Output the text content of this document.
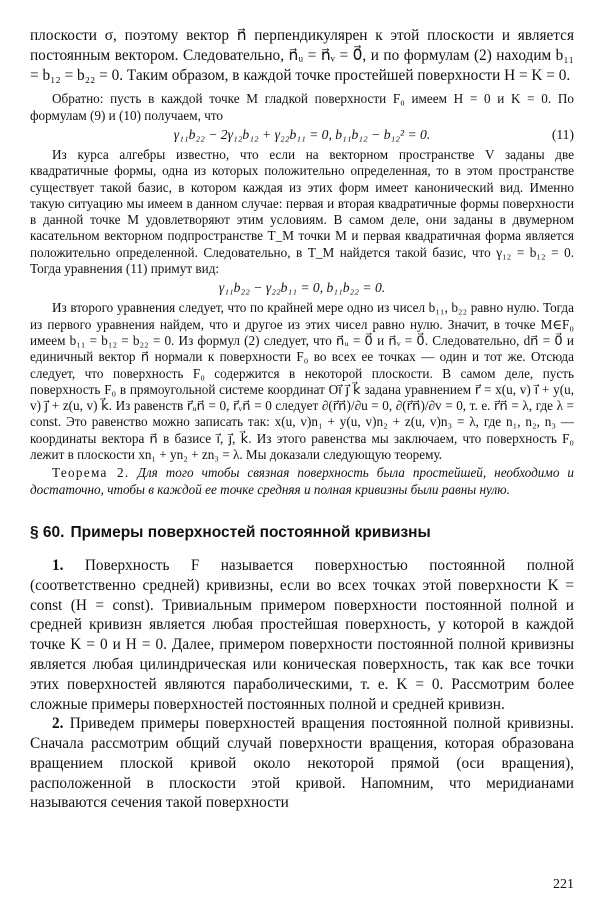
плоскости σ, поэтому вектор n⃗ перпендикулярен к этой плоскости и является постоянным вектором. Следовательно, n⃗ᵤ = n⃗ᵥ = 0⃗, и по формулам (2) находим b₁₁ = b₁₂ = b₂₂ = 0. Таким образом, в каждой точке простейшей поверхности H = K = 0.

Обратно: пусть в каждой точке M гладкой поверхности F₀ имеем H = 0 и K = 0. По формулам (9) и (10) получаем, что

γ₁₁b₂₂ − 2γ₁₂b₁₂ + γ₂₂b₁₁ = 0, b₁₁b₁₂ − b₁₂² = 0.	(11)

Из курса алгебры известно, что если на векторном пространстве V заданы две квадратичные формы, одна из которых положительно определенная, то в этом пространстве существует такой базис, в котором каждая из этих форм имеет канонический вид. Именно такую ситуацию мы имеем в данном случае: первая и вторая квадратичные формы поверхности в данной точке M удовлетворяют этим условиям. В самом деле, они заданы в двумерном касательном векторном подпространстве T_M точки M и первая квадратичная форма является положительно определенной. Следовательно, в T_M найдется такой базис, что γ₁₂ = b₁₂ = 0. Тогда уравнения (11) примут вид:

γ₁₁b₂₂ − γ₂₂b₁₁ = 0, b₁₁b₂₂ = 0.

Из второго уравнения следует, что по крайней мере одно из чисел b₁₁, b₂₂ равно нулю. Тогда из первого уравнения найдем, что и другое из этих чисел равно нулю. Значит, в точке M∈F₀ имеем b₁₁ = b₁₂ = b₂₂ = 0. Из формул (2) следует, что n⃗ᵤ = 0⃗ и n⃗ᵥ = 0⃗. Следовательно, dn⃗ = 0⃗ и единичный вектор n⃗ нормали к поверхности F₀ во всех ее точках — один и тот же. Отсюда следует, что поверхность F₀ содержится в некоторой плоскости. В самом деле, пусть поверхность F₀ в прямоугольной системе координат Oi⃗ j⃗ k⃗ задана уравнением r⃗ = x(u, v) i⃗ + y(u, v) j⃗ + z(u, v) k⃗. Из равенств r⃗ᵤn⃗ = 0, r⃗ᵥn⃗ = 0 следует ∂(r⃗n⃗)/∂u = 0, ∂(r⃗n⃗)/∂v = 0, т. е. r⃗n⃗ = λ, где λ = const. Это равенство можно записать так: x(u, v)n₁ + y(u, v)n₂ + z(u, v)n₃ = λ, где n₁, n₂, n₃ — координаты вектора n⃗ в базисе i⃗, j⃗, k⃗. Из этого равенства мы заключаем, что поверхность F₀ лежит в плоскости xn₁ + yn₂ + zn₃ = λ. Мы доказали следующую теорему.

Теорема 2. Для того чтобы связная поверхность была простейшей, необходимо и достаточно, чтобы в каждой ее точке средняя и полная кривизны были равны нулю.

§ 60. Примеры поверхностей постоянной кривизны

1. Поверхность F называется поверхностью постоянной полной (соответственно средней) кривизны, если во всех точках этой поверхности K = const (H = const). Тривиальным примером поверхности постоянной полной и средней кривизн является любая простейшая поверхность, у которой в каждой точке K = 0 и H = 0. Далее, примером поверхности постоянной полной кривизны является любая цилиндрическая или коническая поверхность, так как все точки этих поверхностей являются параболическими, т. е. K = 0. Рассмотрим более сложные примеры поверхностей постоянных полной и средней кривизн.

2. Приведем примеры поверхностей вращения постоянной полной кривизны. Сначала рассмотрим общий случай поверхности вращения, которая образована вращением плоской кривой около некоторой прямой (оси вращения), расположенной в плоскости этой кривой. Напомним, что меридианами называются сечения такой поверхности

221
